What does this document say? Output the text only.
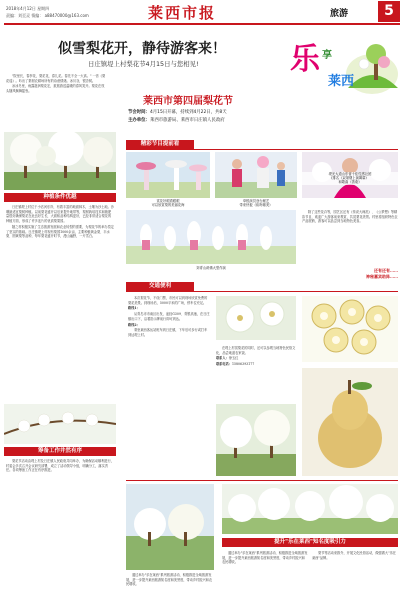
2018年4月12日 星期四
责编：刘至灵 情编： a88470000@163.com	莱西市报	旅游	5
似雪梨花开，静待游客来！
日庄镇堤上村梨花节4月15日与您相见!

"院里长，春李花，梨花花，春儿花。春先不全一大高。" 一首《梨花谣》。吟出了梨树农耕场所有的诗意情绪。冰川谷，银杏树。

冰冰冬里，雨露滋润梨花宏，抵旅游送温暖的春风笑开。梨花在枝头随风飘舞摇曳。

乐 享
莱西
莱西市第四届梨花节
节会时间：4月15日开幕，持续到4月22日，共8天
主办单位：莱西市旅游局、莱西市日庄镇人民政府
精彩节目提前看
赏花好眼看眼眼
可以欣赏梨的美丽花海
草根演员登台献艺
带来快板《疾吻雄美》
堤光大道山东省十佳性感社团
(排名《双颂烟上演揭幕》
和歌曲《善欢》
种植条件优越

日庄镇堤上村位于小沽河东岸，有着丰富的地面林木，土壤为沙土地。沙壤最适宜梨树种植。以前梨花盛开以后来提升地带等，梨树栽培技术和施肥量很好确保梨花在此良好生长，大面积品种结构更好，已经非常适合梨花的种植方面，形成了许多连片的优质梨果园。

随之村积极实施了生态旅游发展和农业转型的需要，为梨花节的举办奠定了坚实的基础。日庄镇堤上村现有梨园1000余亩，主要种植黄金梨、丰水梨、圆黄梨等品种，每年梨花盛开时节，漫山遍野，一片雪白。

刘青山莳佛大型作演

除了这些花卉等，园艺区还有《传说大师范》、《公梦想》等精彩节目，欢迎广大游客前来观赏，共赏梨花美景。村里将组织特色农产品展销，游客可以品尝到当地特色美食。

还有还有……
神秘嘉宾助阵……
交通便利

本次梨花节，不设门票，市民可以到现场欣赏免费的梨花美景。到现场后，5000平米的广场，停车位充足。

路线1：

从青岛市市南区出发，途经G309、青银高速，在日庄镇出口下，沿着指示牌前行即可到达。

路线2：

乘坐莱西客运站班车到日庄镇，下车后可步行或打车到达堤上村。

在堤上村赏梨花的同时，还可以参观当地特色民俗文化，品尝地道农家饭。

联系人：徐玉红

联系电话：15806393177

筹备工作井然有序

梨花节活动由堤上村及日庄镇人民政府共同举办，为确保活动顺利进行，村委会多次召开会议研究部署，成立了活动领导小组，明确分工，落实责任。各项筹备工作正在有序推进。

提升"乐在莱西"知名度吸引力

通过举办"乐在莱西"系列旅游活动，积极推进全域旅游发展，进一步提升莱西旅游知名度和美誉度，带动乡村振兴和农民增收。

梨节等活动来推介，开展文化民俗活动，做强做大"乐在莱西"品牌。

通过举办"乐在莱西"系列旅游活动，积极推进全域旅游发展，进一步提升莱西旅游知名度和美誉度，带动乡村振兴和农民增收。
